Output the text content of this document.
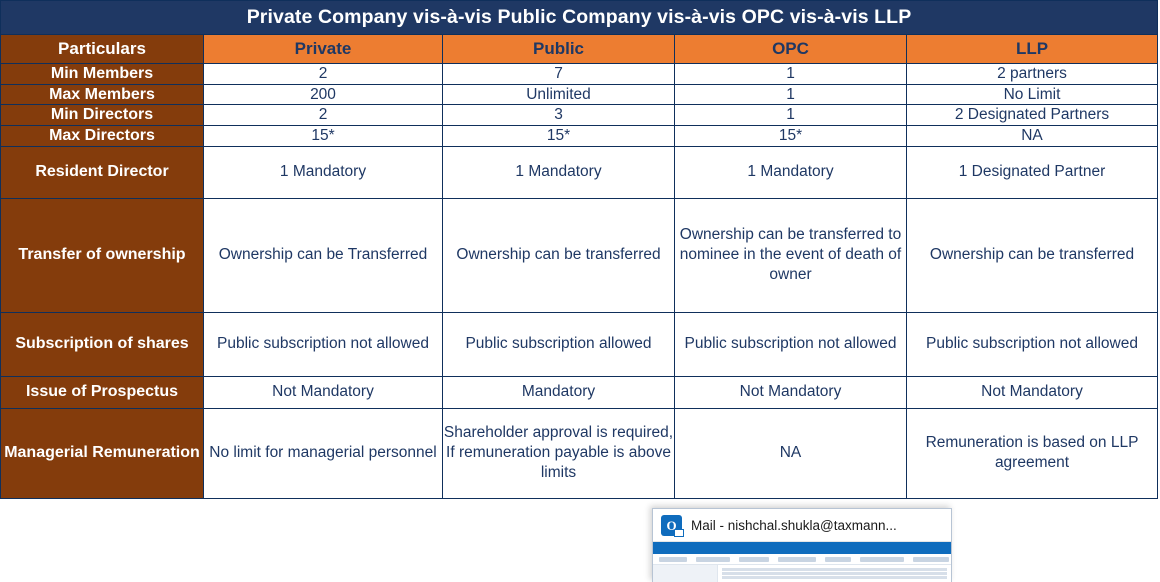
Private Company vis-à-vis Public Company vis-à-vis OPC vis-à-vis LLP				
Particulars	Private	Public	OPC	LLP
Min Members	2	7	1	2 partners
Max Members	200	Unlimited	1	No Limit
Min Directors	2	3	1	2 Designated Partners
Max Directors	15*	15*	15*	NA
Resident Director	1 Mandatory	1 Mandatory	1 Mandatory	1 Designated Partner
Transfer of ownership	Ownership can be Transferred	Ownership can be transferred	Ownership can be transferred to nominee in the event of death of owner	Ownership can be transferred
Subscription of shares	Public subscription not allowed	Public subscription allowed	Public subscription not allowed	Public subscription not allowed
Issue of Prospectus	Not Mandatory	Mandatory	Not Mandatory	Not Mandatory
Managerial Remuneration	No limit for managerial personnel	Shareholder approval is required, If remuneration payable is above limits	NA	Remuneration is based on LLP agreement
O
Mail - nishchal.shukla@taxmann...
